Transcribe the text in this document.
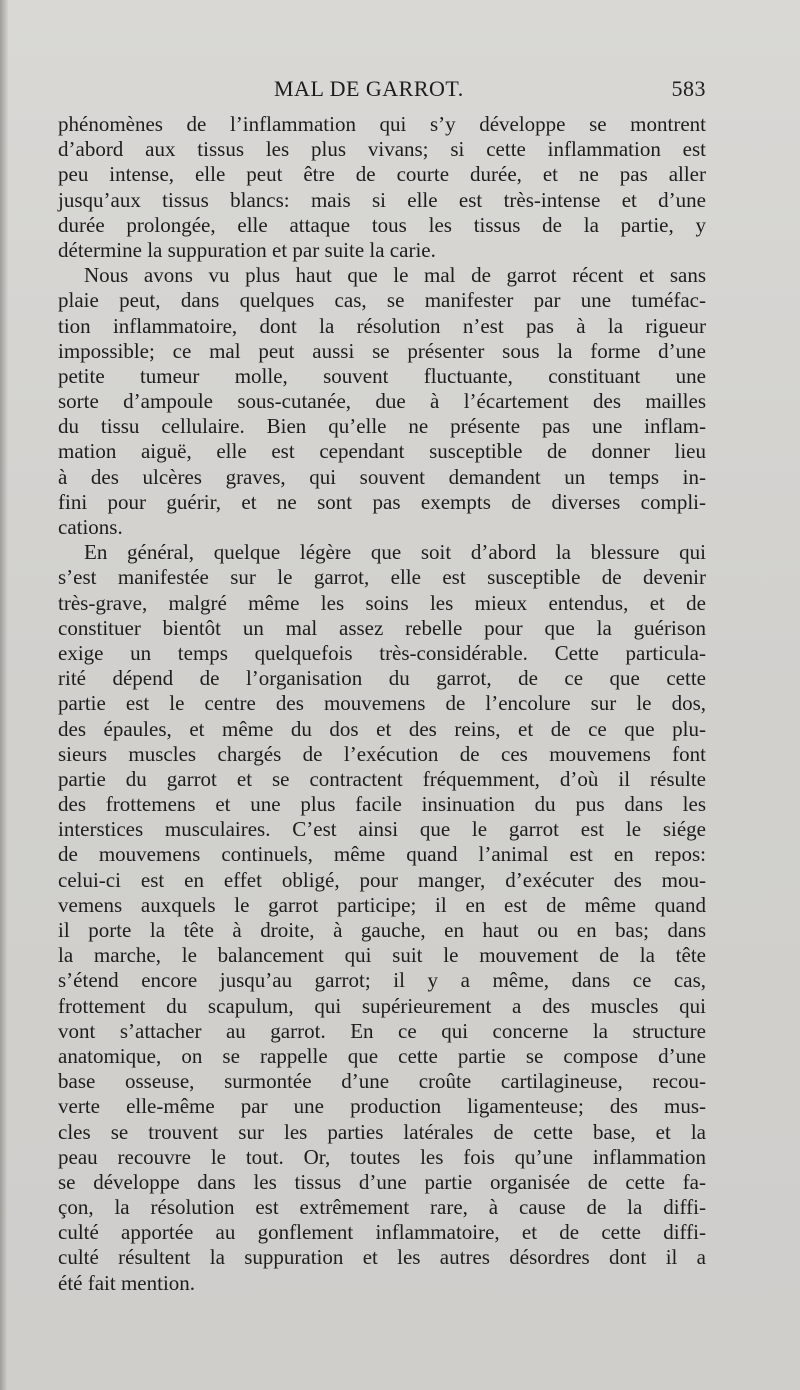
MAL DE GARROT.	583
phénomènes de l’inflammation qui s’y développe se montrent
d’abord aux tissus les plus vivans; si cette inflammation est
peu intense, elle peut être de courte durée, et ne pas aller
jusqu’aux tissus blancs: mais si elle est très-intense et d’une
durée prolongée, elle attaque tous les tissus de la partie, y
détermine la suppuration et par suite la carie.
Nous avons vu plus haut que le mal de garrot récent et sans
plaie peut, dans quelques cas, se manifester par une tuméfac-
tion inflammatoire, dont la résolution n’est pas à la rigueur
impossible; ce mal peut aussi se présenter sous la forme d’une
petite tumeur molle, souvent fluctuante, constituant une
sorte d’ampoule sous-cutanée, due à l’écartement des mailles
du tissu cellulaire. Bien qu’elle ne présente pas une inflam-
mation aiguë, elle est cependant susceptible de donner lieu
à des ulcères graves, qui souvent demandent un temps in-
fini pour guérir, et ne sont pas exempts de diverses compli-
cations.
En général, quelque légère que soit d’abord la blessure qui
s’est manifestée sur le garrot, elle est susceptible de devenir
très-grave, malgré même les soins les mieux entendus, et de
constituer bientôt un mal assez rebelle pour que la guérison
exige un temps quelquefois très-considérable. Cette particula-
rité dépend de l’organisation du garrot, de ce que cette
partie est le centre des mouvemens de l’encolure sur le dos,
des épaules, et même du dos et des reins, et de ce que plu-
sieurs muscles chargés de l’exécution de ces mouvemens font
partie du garrot et se contractent fréquemment, d’où il résulte
des frottemens et une plus facile insinuation du pus dans les
interstices musculaires. C’est ainsi que le garrot est le siége
de mouvemens continuels, même quand l’animal est en repos:
celui-ci est en effet obligé, pour manger, d’exécuter des mou-
vemens auxquels le garrot participe; il en est de même quand
il porte la tête à droite, à gauche, en haut ou en bas; dans
la marche, le balancement qui suit le mouvement de la tête
s’étend encore jusqu’au garrot; il y a même, dans ce cas,
frottement du scapulum, qui supérieurement a des muscles qui
vont s’attacher au garrot. En ce qui concerne la structure
anatomique, on se rappelle que cette partie se compose d’une
base osseuse, surmontée d’une croûte cartilagineuse, recou-
verte elle-même par une production ligamenteuse; des mus-
cles se trouvent sur les parties latérales de cette base, et la
peau recouvre le tout. Or, toutes les fois qu’une inflammation
se développe dans les tissus d’une partie organisée de cette fa-
çon, la résolution est extrêmement rare, à cause de la diffi-
culté apportée au gonflement inflammatoire, et de cette diffi-
culté résultent la suppuration et les autres désordres dont il a
été fait mention.
